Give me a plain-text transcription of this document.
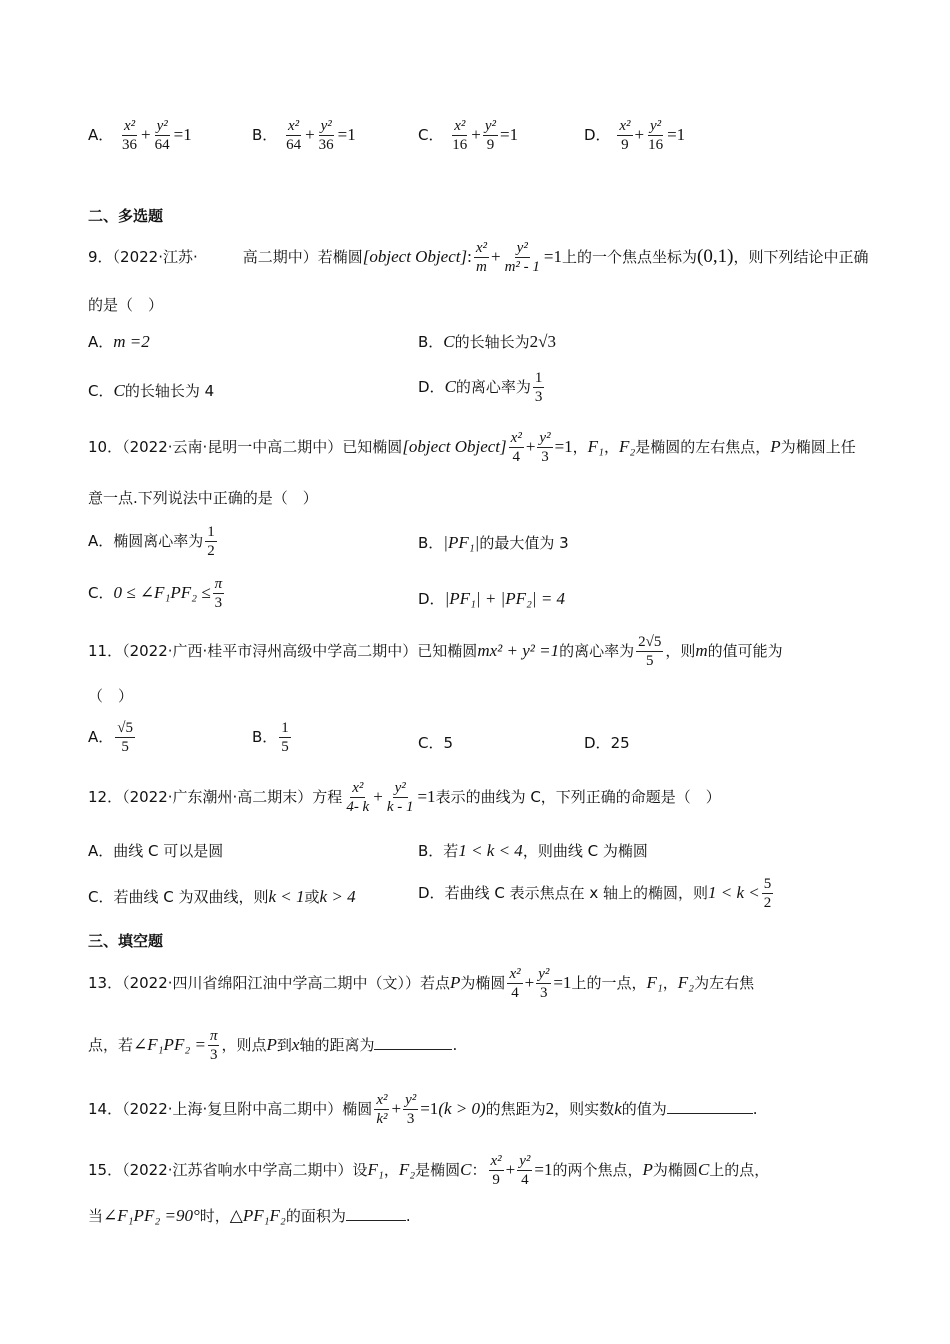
A． $\frac{\text{x²}}{36} + \frac{\text{y²}}{64} =1$	B． $\frac{\text{x²}}{64} + \frac{\text{y²}}{36} =1$	C． $\frac{\text{x²}}{16} + \frac{\text{y²}}{9} =1$	D． $\frac{\text{x²}}{9} + \frac{\text{y²}}{16} =1$
二、多选题
9．（2022·江苏·　　　高二期中）若椭圆[object Object]: $\frac{\text{x²}}{m} + \frac{\text{y²}}{\text{m² - 1}} =1$上的一个焦点坐标为(0,1)，则下列结论中正确
的是（　）
A．m =2	B．C的长轴长为2√3
C．C的长轴长为 4	D．C的离心率为 $\frac{1}{3}$
10．（2022·云南·昆明一中高二期中）已知椭圆[object Object] $\frac{\text{x²}}{4} + \frac{\text{y²}}{3} =1$，F₁，F₂是椭圆的左右焦点，P为椭圆上任
意一点.下列说法中正确的是（　）
A．椭圆离心率为 $\frac{1}{2}$	B．|PF₁|的最大值为 3
C．0 ≤ ∠F₁PF₂ ≤ $\frac{\pi}{3}$	D．|PF₁| + |PF₂| = 4
11．（2022·广西·桂平市浔州高级中学高二期中）已知椭圆mx² + y² =1的离心率为 $\frac{2√5}{5}$ ，则m的值可能为
（　）
A． $\frac{√5}{5}$	B． $\frac{1}{5}$	C．5	D．25
12．（2022·广东潮州·高二期末）方程 $\frac{\text{x²}}{4- k} + \frac{\text{y²}}{k - 1} =1$表示的曲线为 C，下列正确的命题是（　）
A．曲线 C 可以是圆	B．若1 < k < 4，则曲线 C 为椭圆
C．若曲线 C 为双曲线，则k < 1或k > 4	D．若曲线 C 表示焦点在 x 轴上的椭圆，则$1 < k < \frac{5}{2}$
三、填空题
13．（2022·四川省绵阳江油中学高二期中（文））若点P为椭圆 $\frac{\text{x²}}{4} + \frac{\text{y²}}{3} =1$上的一点，F₁，F₂为左右焦
点，若∠F₁PF₂ = $\frac{\pi}{3}$ ，则点P到x轴的距离为	.
14．（2022·上海·复旦附中高二期中）椭圆 $\frac{\text{x²}}{\text{k²}} + \frac{\text{y²}}{3} =1(k > 0)$的焦距为2，则实数k的值为	.
15．（2022·江苏省响水中学高二期中）设F₁，F₂是椭圆C： $\frac{\text{x²}}{9} + \frac{\text{y²}}{4} =1$的两个焦点，P为椭圆C上的点，
当∠F₁PF₂ =90°时，△PF₁F₂的面积为	.
